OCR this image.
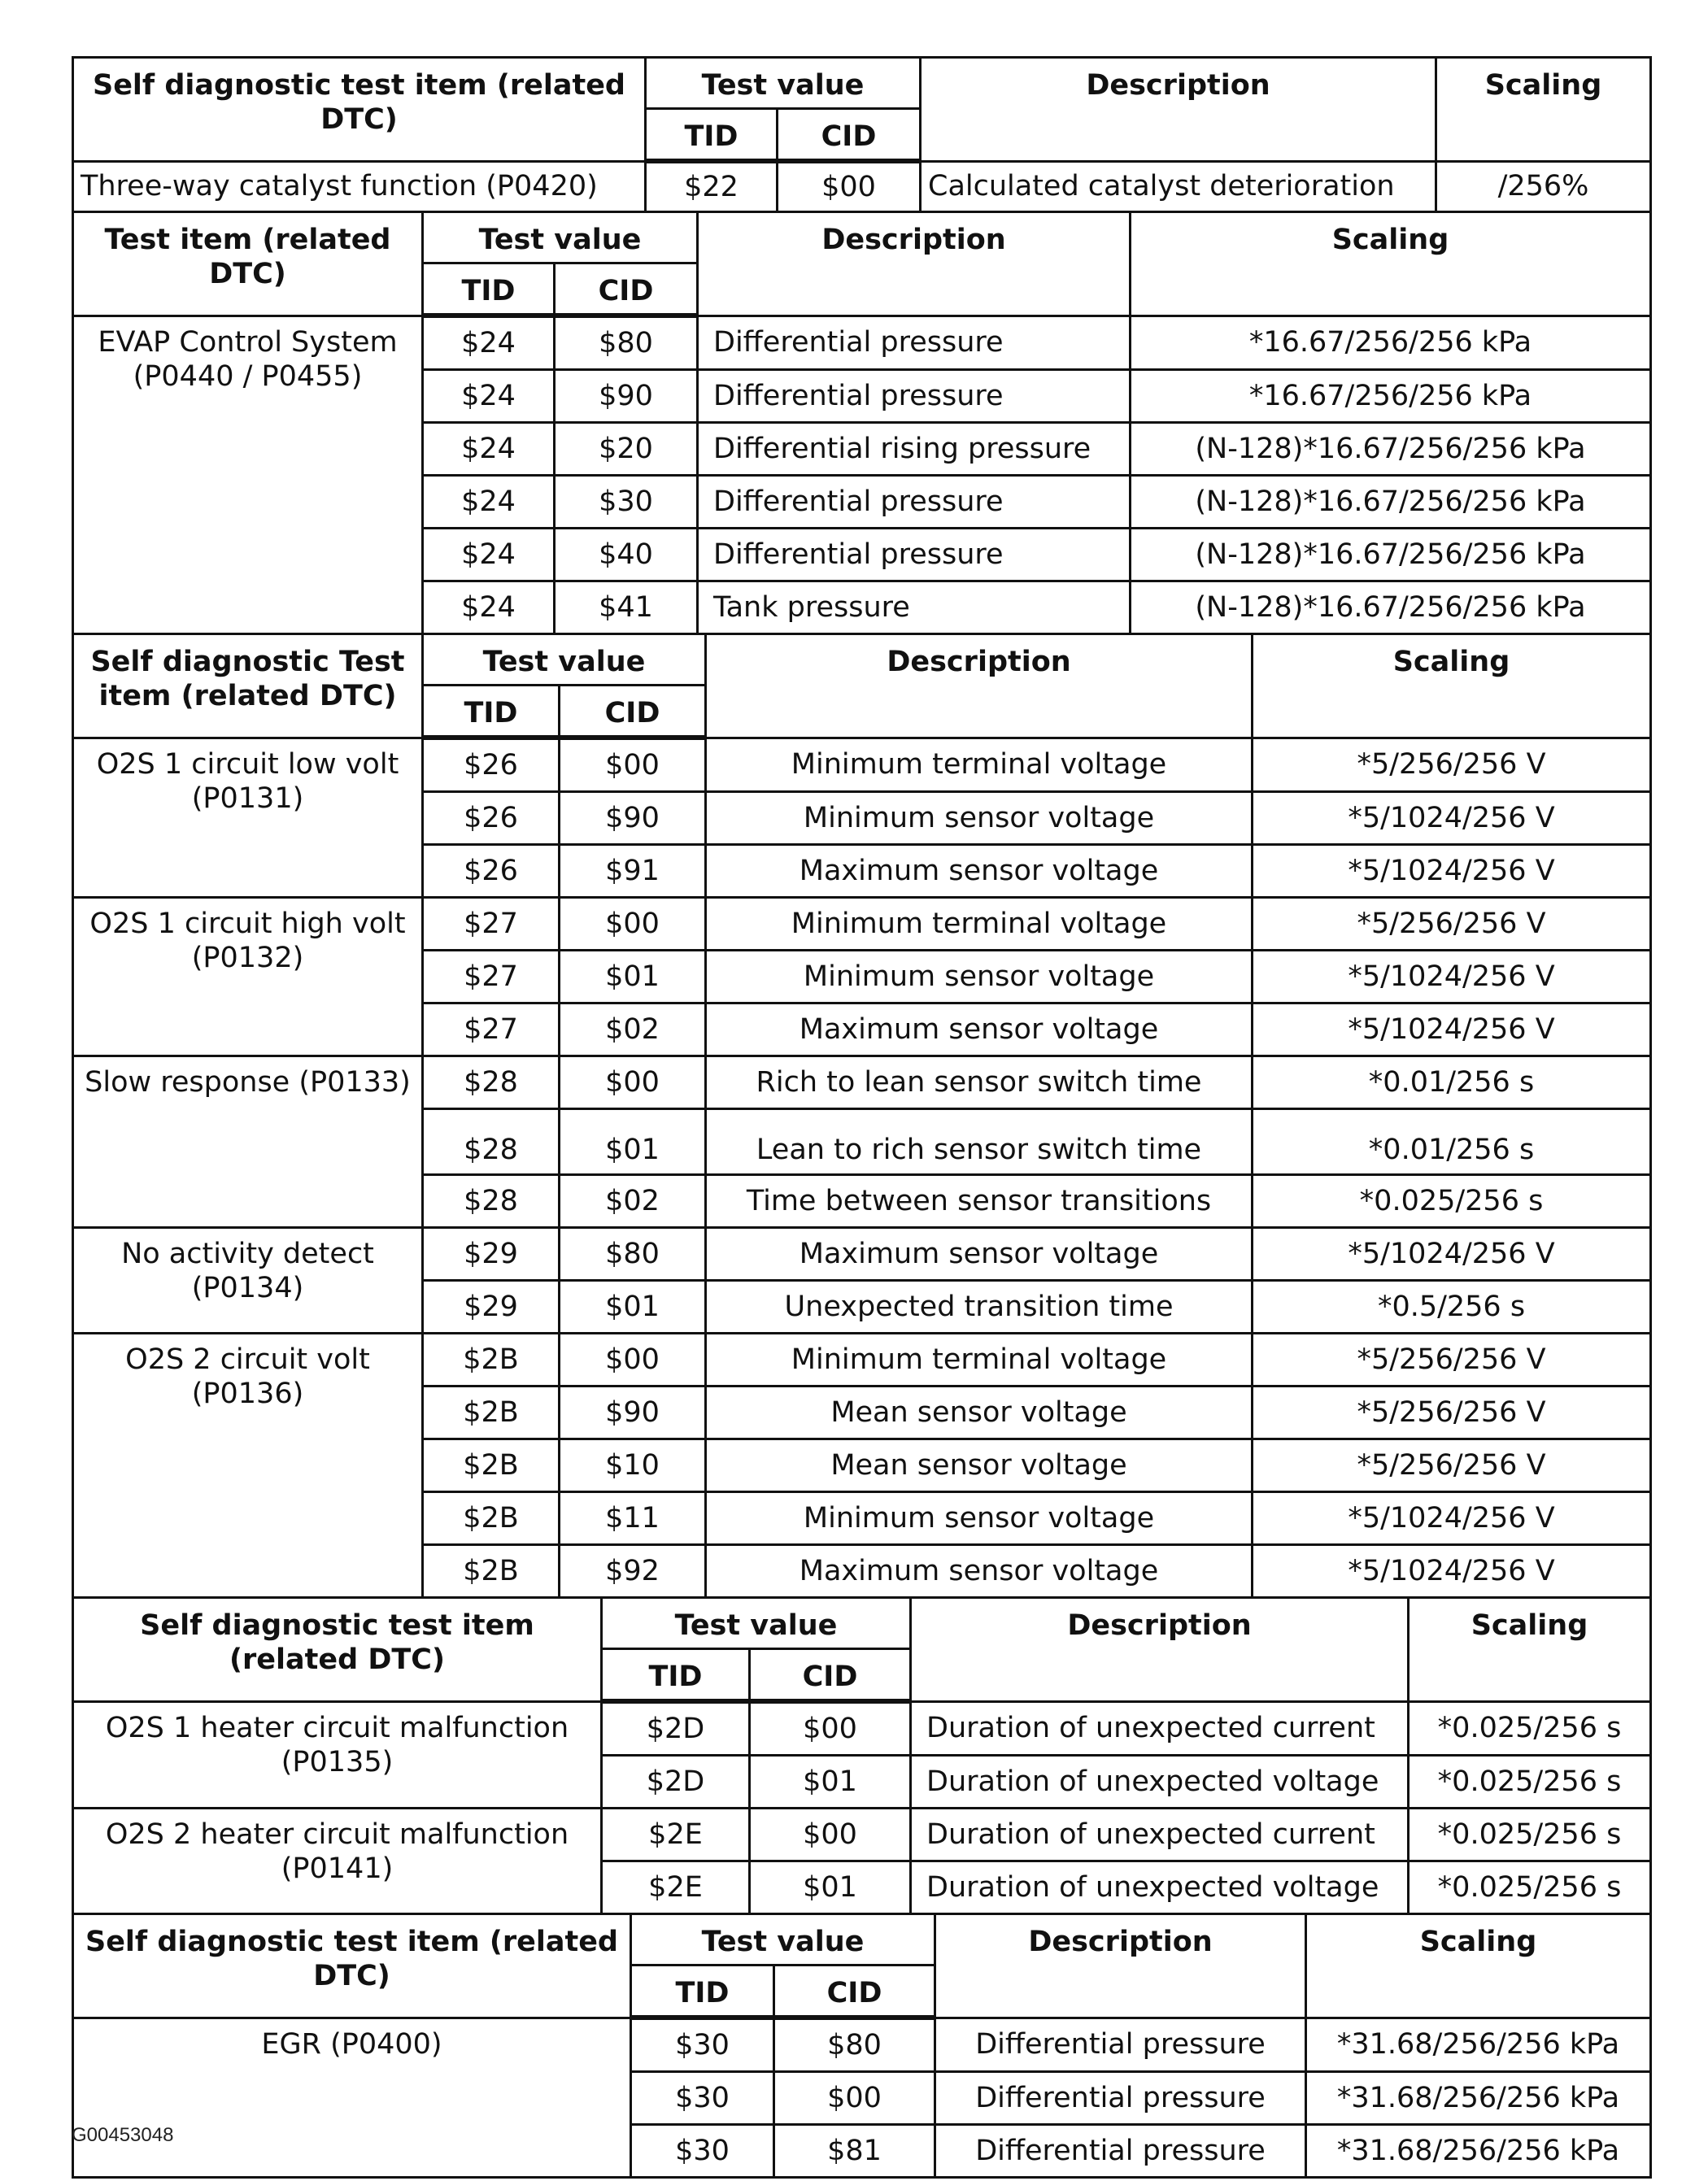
Self diagnostic test item (related DTC)	Test value		Description	Scaling
	TID	CID		
Three-way catalyst function (P0420)	$22	$00	Calculated catalyst deterioration	/256%
Test item (related DTC)	Test value		Description	Scaling
	TID	CID		
EVAP Control System (P0440 / P0455)	$24	$80	Differential pressure	*16.67/256/256 kPa
	$24	$90	Differential pressure	*16.67/256/256 kPa
	$24	$20	Differential rising pressure	(N-128)*16.67/256/256 kPa
	$24	$30	Differential pressure	(N-128)*16.67/256/256 kPa
	$24	$40	Differential pressure	(N-128)*16.67/256/256 kPa
	$24	$41	Tank pressure	(N-128)*16.67/256/256 kPa
Self diagnostic Test item (related DTC)	Test value		Description	Scaling
	TID	CID		
O2S 1 circuit low volt (P0131)	$26	$00	Minimum terminal voltage	*5/256/256 V
	$26	$90	Minimum sensor voltage	*5/1024/256 V
	$26	$91	Maximum sensor voltage	*5/1024/256 V
O2S 1 circuit high volt (P0132)	$27	$00	Minimum terminal voltage	*5/256/256 V
	$27	$01	Minimum sensor voltage	*5/1024/256 V
	$27	$02	Maximum sensor voltage	*5/1024/256 V
Slow response (P0133)	$28	$00	Rich to lean sensor switch time	*0.01/256 s
	$28	$01	Lean to rich sensor switch time	*0.01/256 s
	$28	$02	Time between sensor transitions	*0.025/256 s
No activity detect (P0134)	$29	$80	Maximum sensor voltage	*5/1024/256 V
	$29	$01	Unexpected transition time	*0.5/256 s
O2S 2 circuit volt (P0136)	$2B	$00	Minimum terminal voltage	*5/256/256 V
	$2B	$90	Mean sensor voltage	*5/256/256 V
	$2B	$10	Mean sensor voltage	*5/256/256 V
	$2B	$11	Minimum sensor voltage	*5/1024/256 V
	$2B	$92	Maximum sensor voltage	*5/1024/256 V
Self diagnostic test item (related DTC)	Test value		Description	Scaling
	TID	CID		
O2S 1 heater circuit malfunction (P0135)	$2D	$00	Duration of unexpected current	*0.025/256 s
	$2D	$01	Duration of unexpected voltage	*0.025/256 s
O2S 2 heater circuit malfunction (P0141)	$2E	$00	Duration of unexpected current	*0.025/256 s
	$2E	$01	Duration of unexpected voltage	*0.025/256 s
Self diagnostic test item (related DTC)	Test value		Description	Scaling
	TID	CID		
EGR (P0400)	$30	$80	Differential pressure	*31.68/256/256 kPa
	$30	$00	Differential pressure	*31.68/256/256 kPa
	$30	$81	Differential pressure	*31.68/256/256 kPa
G00453048
